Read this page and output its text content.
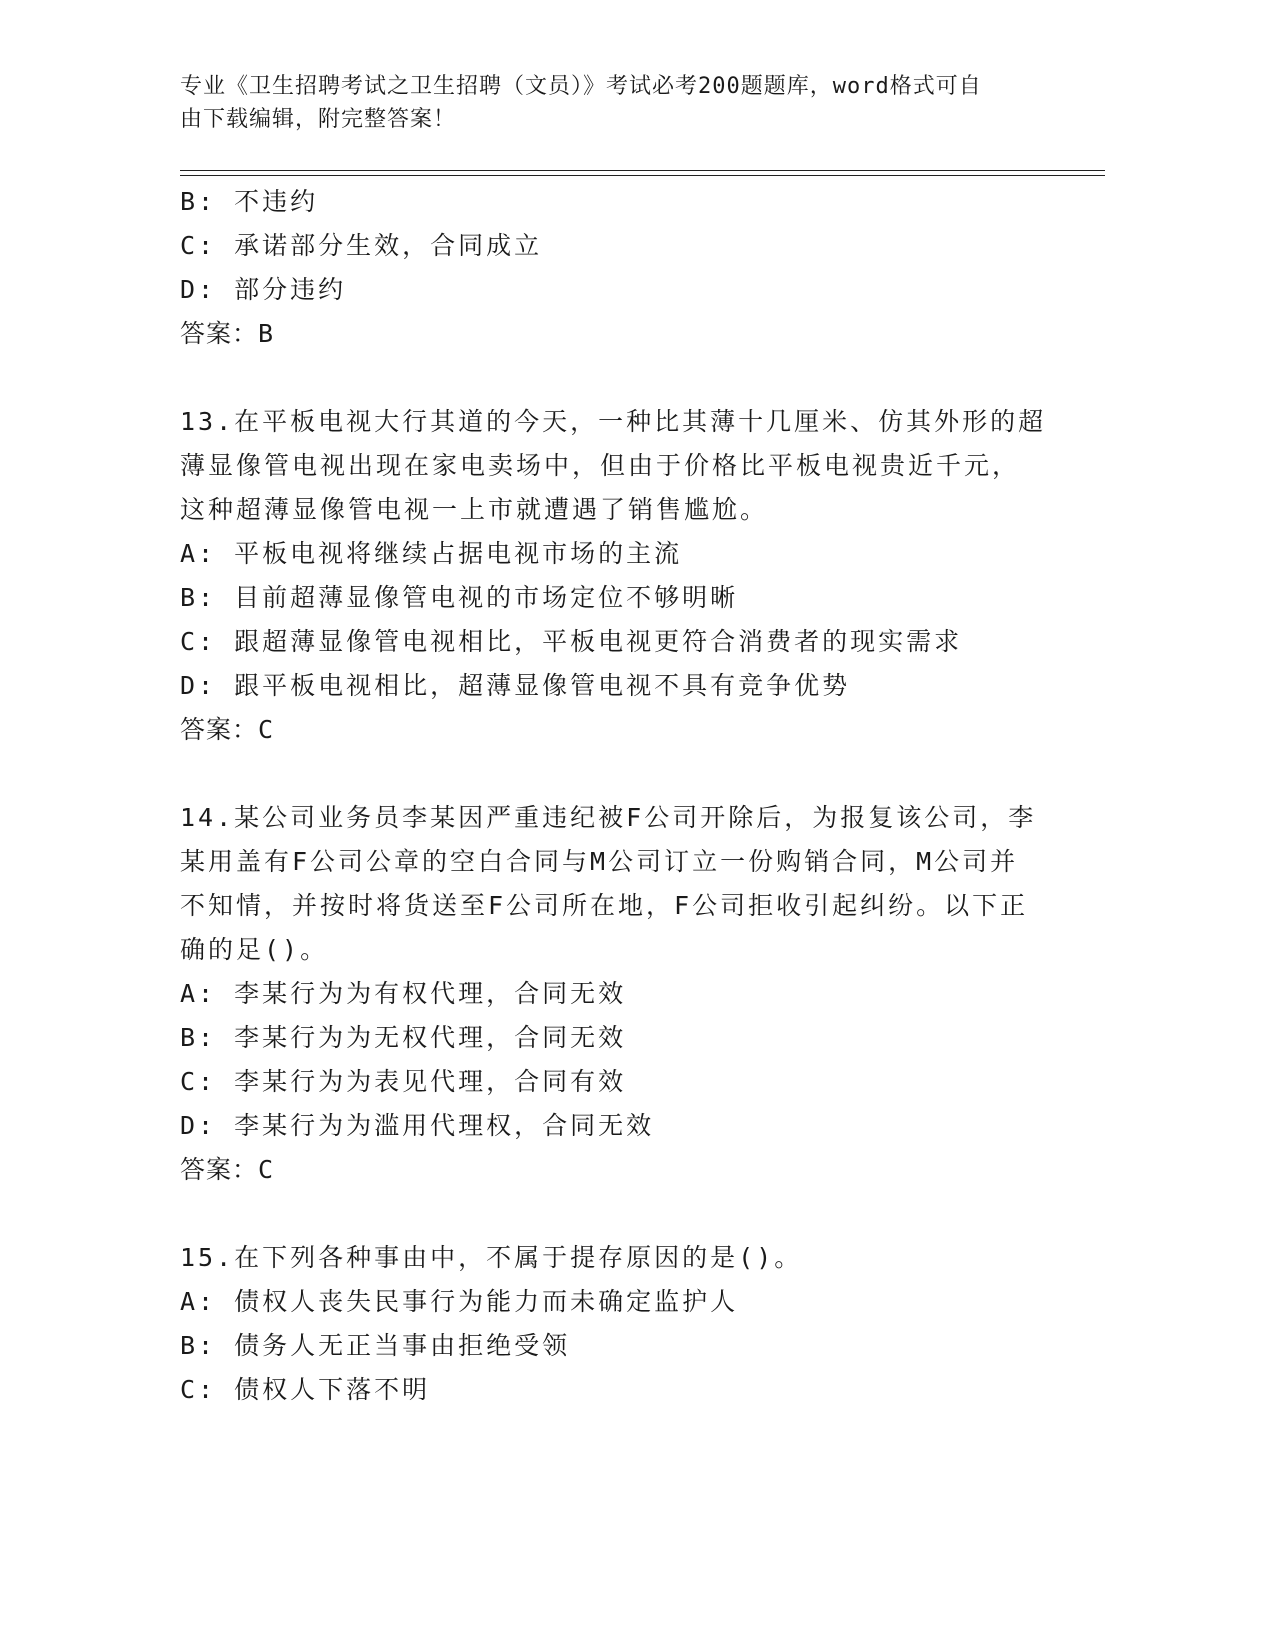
专业《卫生招聘考试之卫生招聘（文员）》考试必考200题题库，word格式可自
由下载编辑，附完整答案！
B: 不违约
C: 承诺部分生效，合同成立
D: 部分违约
答案：B
13.在平板电视大行其道的今天，一种比其薄十几厘米、仿其外形的超
薄显像管电视出现在家电卖场中，但由于价格比平板电视贵近千元，
这种超薄显像管电视一上市就遭遇了销售尴尬。
A: 平板电视将继续占据电视市场的主流
B: 目前超薄显像管电视的市场定位不够明晰
C: 跟超薄显像管电视相比，平板电视更符合消费者的现实需求
D: 跟平板电视相比，超薄显像管电视不具有竞争优势
答案：C
14.某公司业务员李某因严重违纪被F公司开除后，为报复该公司，李
某用盖有F公司公章的空白合同与M公司订立一份购销合同，M公司并
不知情，并按时将货送至F公司所在地，F公司拒收引起纠纷。以下正
确的足()。
A: 李某行为为有权代理，合同无效
B: 李某行为为无权代理，合同无效
C: 李某行为为表见代理，合同有效
D: 李某行为为滥用代理权，合同无效
答案：C
15.在下列各种事由中，不属于提存原因的是()。
A: 债权人丧失民事行为能力而未确定监护人
B: 债务人无正当事由拒绝受领
C: 债权人下落不明
